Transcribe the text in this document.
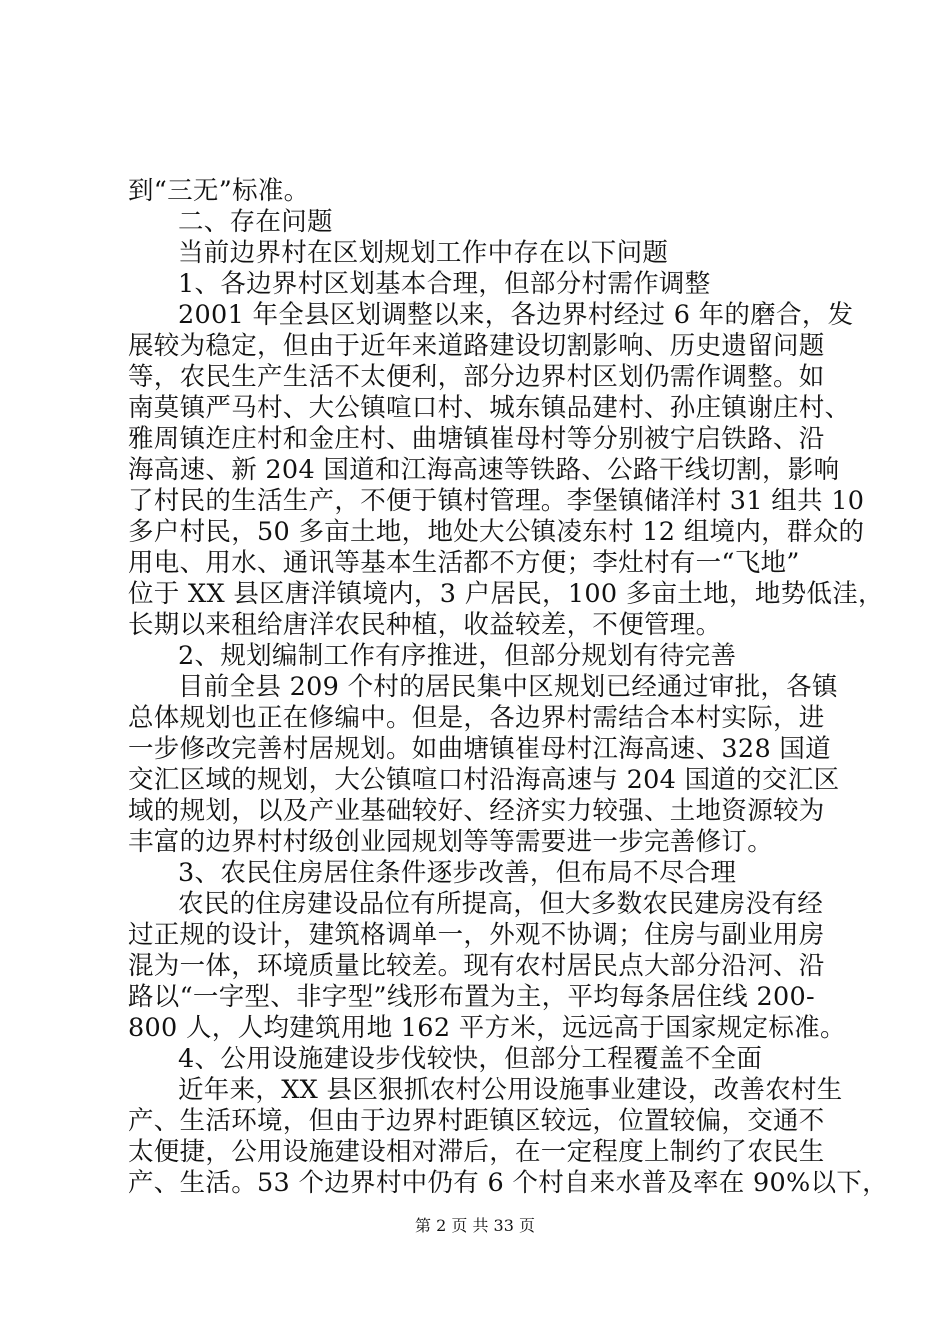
到“三无”标准。
二、存在问题
当前边界村在区划规划工作中存在以下问题
1、各边界村区划基本合理，但部分村需作调整
2001 年全县区划调整以来，各边界村经过 6 年的磨合，发
展较为稳定，但由于近年来道路建设切割影响、历史遗留问题
等，农民生产生活不太便利，部分边界村区划仍需作调整。如
南莫镇严马村、大公镇喧口村、城东镇品建村、孙庄镇谢庄村、
雅周镇迮庄村和金庄村、曲塘镇崔母村等分别被宁启铁路、沿
海高速、新 204 国道和江海高速等铁路、公路干线切割，影响
了村民的生活生产，不便于镇村管理。李堡镇储洋村 31 组共 10
多户村民，50 多亩土地，地处大公镇凌东村 12 组境内，群众的
用电、用水、通讯等基本生活都不方便；李灶村有一“飞地”
位于 XX 县区唐洋镇境内，3 户居民，100 多亩土地，地势低洼，
长期以来租给唐洋农民种植，收益较差，不便管理。
2、规划编制工作有序推进，但部分规划有待完善
目前全县 209 个村的居民集中区规划已经通过审批，各镇
总体规划也正在修编中。但是，各边界村需结合本村实际，进
一步修改完善村居规划。如曲塘镇崔母村江海高速、328 国道
交汇区域的规划，大公镇喧口村沿海高速与 204 国道的交汇区
域的规划，以及产业基础较好、经济实力较强、土地资源较为
丰富的边界村村级创业园规划等等需要进一步完善修订。
3、农民住房居住条件逐步改善，但布局不尽合理
农民的住房建设品位有所提高，但大多数农民建房没有经
过正规的设计，建筑格调单一，外观不协调；住房与副业用房
混为一体，环境质量比较差。现有农村居民点大部分沿河、沿
路以“一字型、非字型”线形布置为主，平均每条居住线 200-
800 人，人均建筑用地 162 平方米，远远高于国家规定标准。
4、公用设施建设步伐较快，但部分工程覆盖不全面
近年来，XX 县区狠抓农村公用设施事业建设，改善农村生
产、生活环境，但由于边界村距镇区较远，位置较偏，交通不
太便捷，公用设施建设相对滞后，在一定程度上制约了农民生
产、生活。53 个边界村中仍有 6 个村自来水普及率在 90%以下，
第 2 页 共 33 页
